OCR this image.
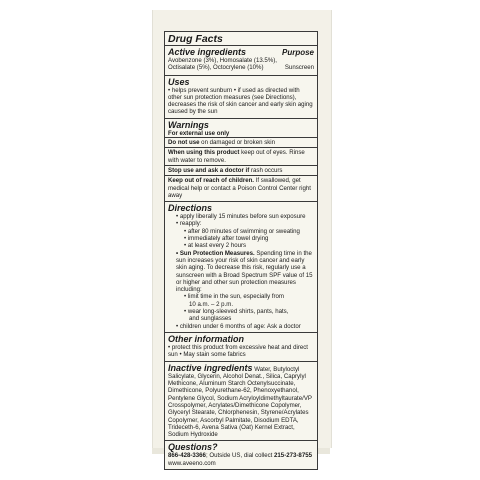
Drug Facts
Active ingredients	Purpose
Avobenzone (3%), Homosalate (13.5%),
Octisalate (5%), Octocrylene (10%)	Sunscreen
Uses
• helps prevent sunburn • if used as directed with other sun protection measures (see Directions), decreases the risk of skin cancer and early skin aging caused by the sun
Warnings
For external use only
Do not use on damaged or broken skin
When using this product keep out of eyes. Rinse with water to remove.
Stop use and ask a doctor if rash occurs
Keep out of reach of children. If swallowed, get medical help or contact a Poison Control Center right away
Directions
• apply liberally 15 minutes before sun exposure
• reapply:
• after 80 minutes of swimming or sweating
• immediately after towel drying
• at least every 2 hours
• Sun Protection Measures. Spending time in the sun increases your risk of skin cancer and early skin aging. To decrease this risk, regularly use a sunscreen with a Broad Spectrum SPF value of 15 or higher and other sun protection measures including:
• limit time in the sun, especially from
10 a.m. – 2 p.m.
• wear long-sleeved shirts, pants, hats,
and sunglasses
• children under 6 months of age: Ask a doctor
Other information
• protect this product from excessive heat and direct sun • May stain some fabrics
Inactive ingredients Water, Butyloctyl Salicylate, Glycerin, Alcohol Denat., Silica, Caprylyl Methicone, Aluminum Starch Octenylsuccinate, Dimethicone, Polyurethane-62, Phenoxyethanol, Pentylene Glycol, Sodium Acryloyldimethyltaurate/VP Crosspolymer, Acrylates/Dimethicone Copolymer, Glyceryl Stearate, Chlorphenesin, Styrene/Acrylates Copolymer, Ascorbyl Palmitate, Disodium EDTA, Trideceth-6, Avena Sativa (Oat) Kernel Extract, Sodium Hydroxide
Questions?
866-428-3366; Outside US, dial collect 215-273-8755
www.aveeno.com
